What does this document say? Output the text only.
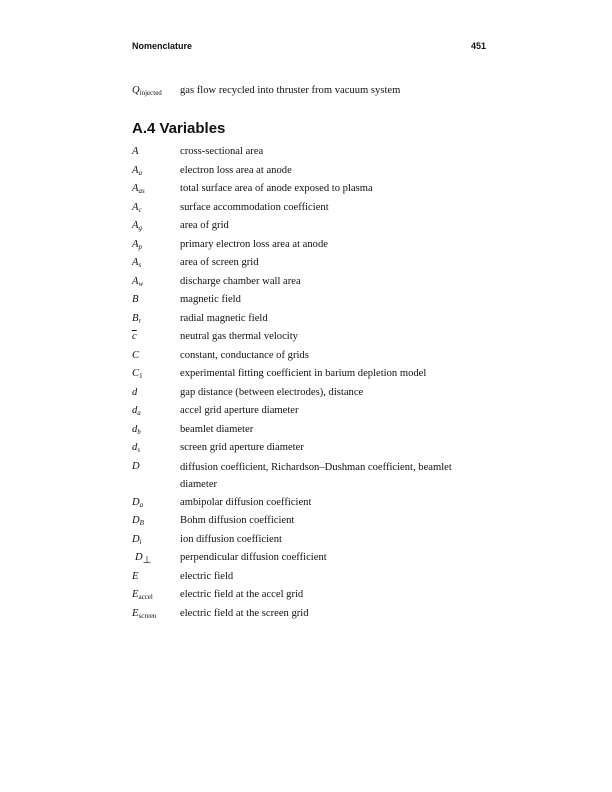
Nomenclature	451
$Q_{injected}$	gas flow recycled into thruster from vacuum system
A.4 Variables
A	cross-sectional area
$A_a$	electron loss area at anode
$A_{as}$	total surface area of anode exposed to plasma
$A_c$	surface accommodation coefficient
$A_g$	area of grid
$A_p$	primary electron loss area at anode
$A_s$	area of screen grid
$A_w$	discharge chamber wall area
B	magnetic field
$B_r$	radial magnetic field
$\overline{c}$	neutral gas thermal velocity
C	constant, conductance of grids
$C_1$	experimental fitting coefficient in barium depletion model
d	gap distance (between electrodes), distance
$d_a$	accel grid aperture diameter
$d_b$	beamlet diameter
$d_s$	screen grid aperture diameter
D	diffusion coefficient, Richardson–Dushman coefficient, beamlet diameter
$D_a$	ambipolar diffusion coefficient
$D_B$	Bohm diffusion coefficient
$D_i$	ion diffusion coefficient
$D_\perp$	perpendicular diffusion coefficient
E	electric field
$E_{accel}$	electric field at the accel grid
$E_{screen}$	electric field at the screen grid
